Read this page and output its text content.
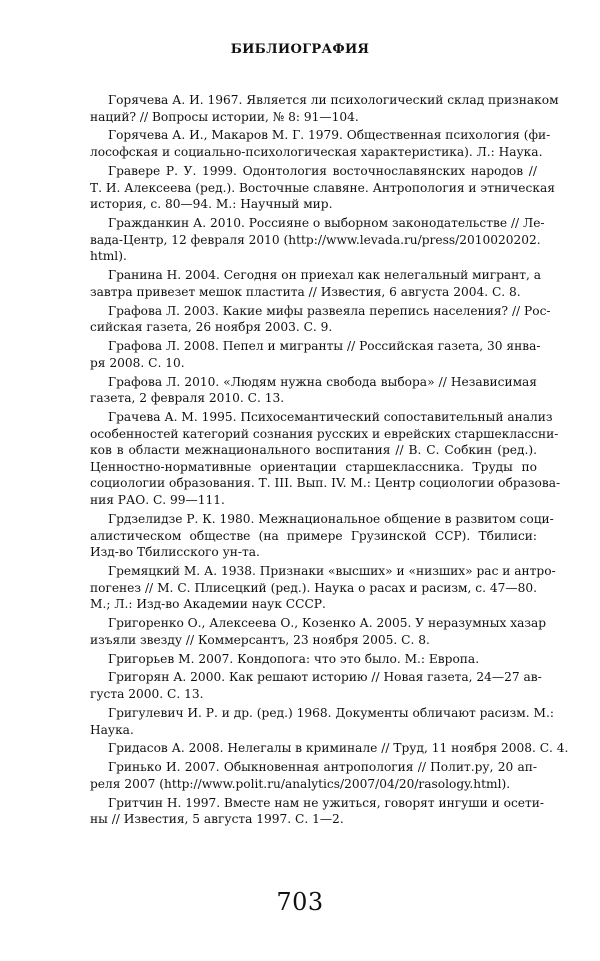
БИБЛИОГРАФИЯ
Горячева А. И. 1967. Является ли психологический склад признаком
наций? // Вопросы истории, № 8: 91—104.
Горячева А. И., Макаров М. Г. 1979. Общественная психология (фи-
лософская и социально-психологическая характеристика). Л.: Наука.
Гравере Р. У. 1999. Одонтология восточнославянских народов //
Т. И. Алексеева (ред.). Восточные славяне. Антропология и этническая
история, с. 80—94. М.: Научный мир.
Гражданкин А. 2010. Россияне о выборном законодательстве // Ле-
вада-Центр, 12 февраля 2010 (http://www.levada.ru/press/2010020202.
html).
Гранина Н. 2004. Сегодня он приехал как нелегальный мигрант, а
завтра привезет мешок пластита // Известия, 6 августа 2004. С. 8.
Графова Л. 2003. Какие мифы развеяла перепись населения? // Рос-
сийская газета, 26 ноября 2003. С. 9.
Графова Л. 2008. Пепел и мигранты // Российская газета, 30 янва-
ря 2008. С. 10.
Графова Л. 2010. «Людям нужна свобода выбора» // Независимая
газета, 2 февраля 2010. С. 13.
Грачева А. М. 1995. Психосемантический сопоставительный анализ
особенностей категорий сознания русских и еврейских старшеклассни-
ков в области межнационального воспитания // В. С. Собкин (ред.).
Ценностно-нормативные ориентации старшеклассника. Труды по
социологии образования. Т. III. Вып. IV. М.: Центр социологии образова-
ния РАО. С. 99—111.
Грдзелидзе Р. К. 1980. Межнациональное общение в развитом соци-
алистическом обществе (на примере Грузинской ССР). Тбилиси:
Изд-во Тбилисского ун-та.
Гремяцкий М. А. 1938. Признаки «высших» и «низших» рас и антро-
погенез // М. С. Плисецкий (ред.). Наука о расах и расизм, с. 47—80.
М.; Л.: Изд-во Академии наук СССР.
Григоренко О., Алексеева О., Козенко А. 2005. У неразумных хазар
изъяли звезду // Коммерсантъ, 23 ноября 2005. С. 8.
Григорьев М. 2007. Кондопога: что это было. М.: Европа.
Григорян А. 2000. Как решают историю // Новая газета, 24—27 ав-
густа 2000. С. 13.
Григулевич И. Р. и др. (ред.) 1968. Документы обличают расизм. М.:
Наука.
Гридасов А. 2008. Нелегалы в криминале // Труд, 11 ноября 2008. С. 4.
Гринько И. 2007. Обыкновенная антропология // Полит.ру, 20 ап-
реля 2007 (http://www.polit.ru/analytics/2007/04/20/rasology.html).
Гритчин Н. 1997. Вместе нам не ужиться, говорят ингуши и осети-
ны // Известия, 5 августа 1997. С. 1—2.
703
